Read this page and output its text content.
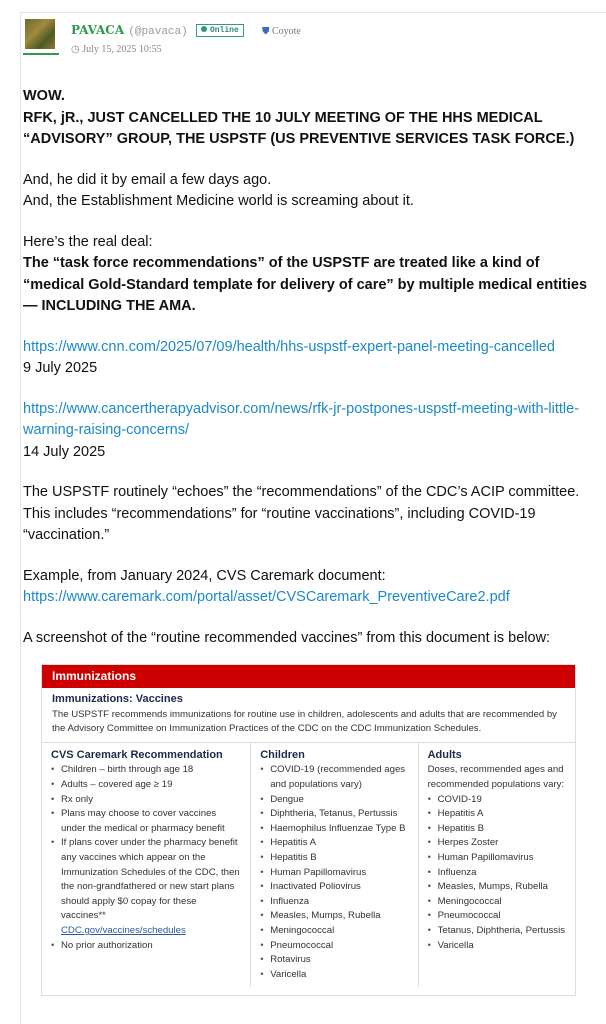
PAVACA (@pavaca)	Online ⛊ Coyote
◷ July 15, 2025 10:55

WOW.
RFK, jR., JUST CANCELLED THE 10 JULY MEETING OF THE HHS MEDICAL “ADVISORY” GROUP, THE USPSTF (US PREVENTIVE SERVICES TASK FORCE.)

And, he did it by email a few days ago.
And, the Establishment Medicine world is screaming about it.

Here’s the real deal:
The “task force recommendations” of the USPSTF are treated like a kind of “medical Gold-Standard template for delivery of care” by multiple medical entities — INCLUDING THE AMA.

https://www.cnn.com/2025/07/09/health/hhs-uspstf-expert-panel-meeting-cancelled
9 July 2025

https://www.cancertherapyadvisor.com/news/rfk-jr-postpones-uspstf-meeting-with-little-warning-raising-concerns/
14 July 2025

The USPSTF routinely “echoes” the “recommendations” of the CDC’s ACIP committee. This includes “recommendations” for “routine vaccinations”, including COVID-19 “vaccination.”

Example, from January 2024, CVS Caremark document:
https://www.caremark.com/portal/asset/CVSCaremark_PreventiveCare2.pdf

A screenshot of the “routine recommended vaccines” from this document is below:

Immunizations
Immunizations: Vaccines
The USPSTF recommends immunizations for routine use in children, adolescents and adults that are recommended by the Advisory Committee on Immunization Practices of the CDC on the CDC Immunization Schedules.
CVS Caremark Recommendation
• Children – birth through age 18
• Adults – covered age ≥ 19
• Rx only
• Plans may choose to cover vaccines under the medical or pharmacy benefit
• If plans cover under the pharmacy benefit any vaccines which appear on the Immunization Schedules of the CDC, then the non-grandfathered or new start plans should apply $0 copay for these vaccines**
CDC.gov/vaccines/schedules
• No prior authorization
Children
• COVID-19 (recommended ages and populations vary)
• Dengue
• Diphtheria, Tetanus, Pertussis
• Haemophilus Influenzae Type B
• Hepatitis A
• Hepatitis B
• Human Papillomavirus
• Inactivated Poliovirus
• Influenza
• Measles, Mumps, Rubella
• Meningococcal
• Pneumococcal
• Rotavirus
• Varicella
Adults
Doses, recommended ages and recommended populations vary:
• COVID-19
• Hepatitis A
• Hepatitis B
• Herpes Zoster
• Human Papillomavirus
• Influenza
• Measles, Mumps, Rubella
• Meningococcal
• Pneumococcal
• Tetanus, Diphtheria, Pertussis
• Varicella
